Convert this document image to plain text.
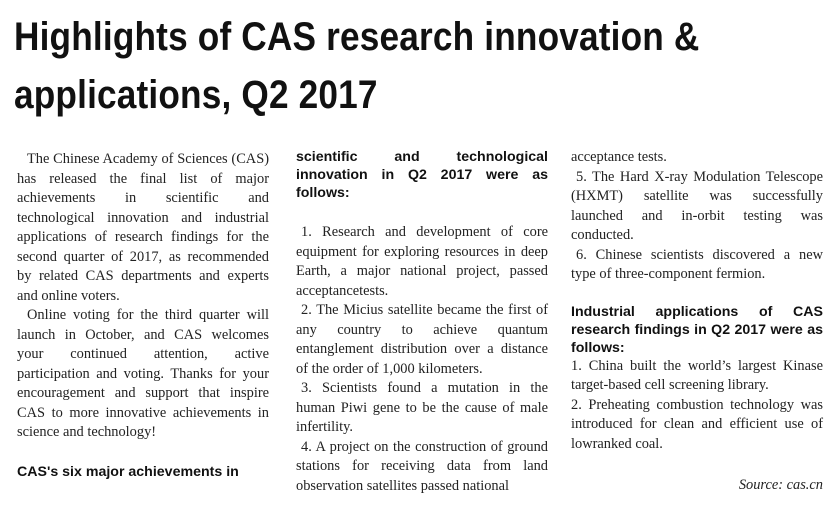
Highlights of CAS research innovation & applications, Q2 2017

The Chinese Academy of Sciences (CAS) has released the final list of major achievements in scientific and technological innovation and industrial applications of research findings for the second quarter of 2017, as recommended by related CAS departments and experts and online voters.

Online voting for the third quarter will launch in October, and CAS welcomes your continued attention, active participation and voting. Thanks for your encouragement and support that inspire CAS to more innovative achievements in science and technology!

CAS's six major achievements in

scientific and technological innovation in Q2 2017 were as follows:

1. Research and development of core equipment for exploring resources in deep Earth, a major national project, passed acceptancetests.

2. The Micius satellite became the first of any country to achieve quantum entanglement distribution over a distance of the order of 1,000 kilometers.

3. Scientists found a mutation in the human Piwi gene to be the cause of male infertility.

4. A project on the construction of ground stations for receiving data from land observation satellites passed national

acceptance tests.

5. The Hard X-ray Modulation Telescope (HXMT) satellite was successfully launched and in-orbit testing was conducted.

6. Chinese scientists discovered a new type of three-component fermion.

Industrial applications of CAS research findings in Q2 2017 were as follows:

1. China built the world’s largest Kinase target-based cell screening library.

2. Preheating combustion technology was introduced for clean and efficient use of lowranked coal.

Source: cas.cn
